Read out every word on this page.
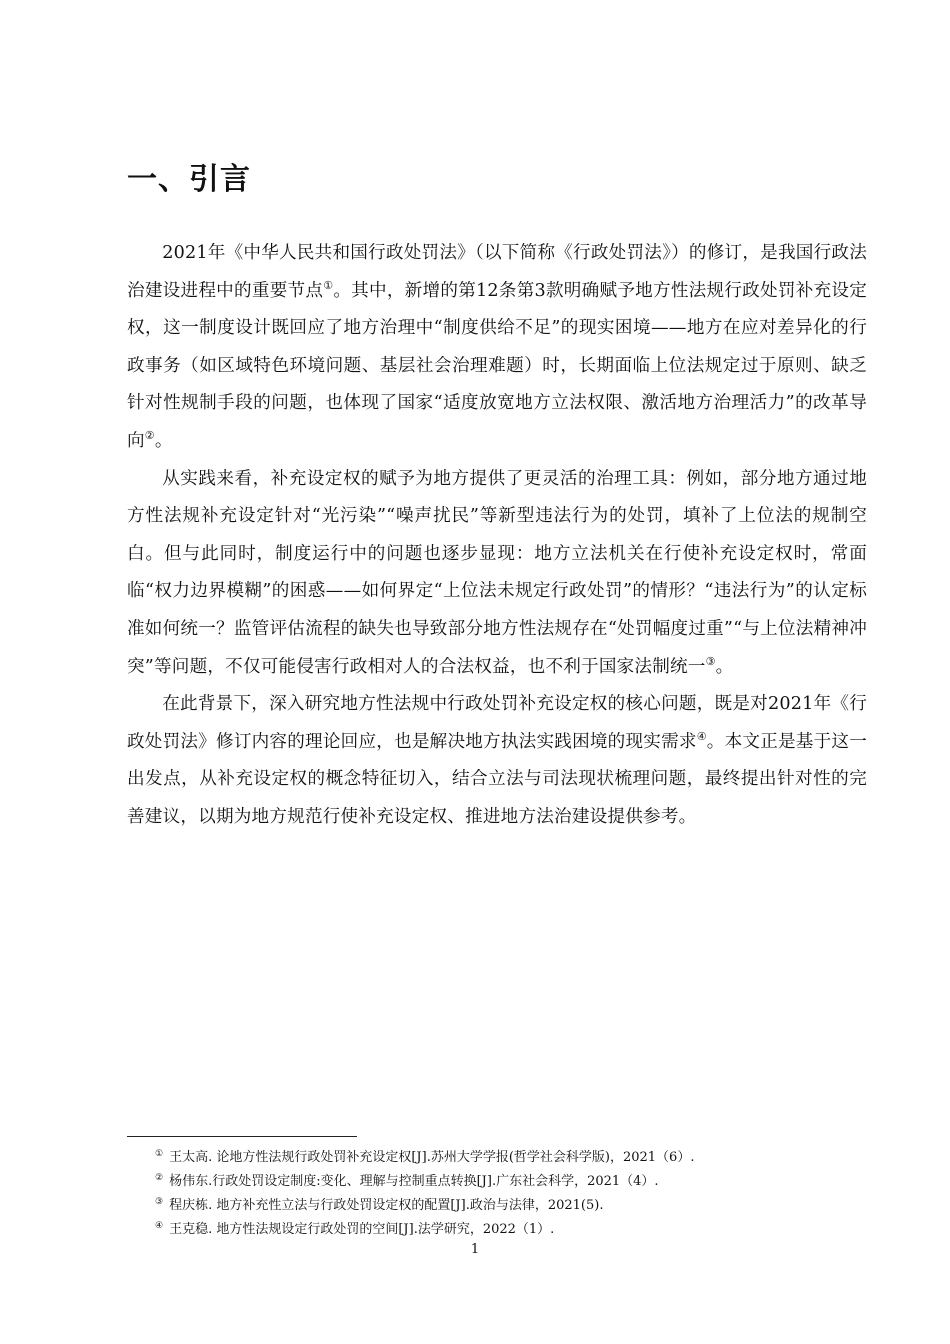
一、引言

2021年《中华人民共和国行政处罚法》（以下简称《行政处罚法》）的修订，是我国行政法治建设进程中的重要节点①。其中，新增的第12条第3款明确赋予地方性法规行政处罚补充设定权，这一制度设计既回应了地方治理中“制度供给不足”的现实困境——地方在应对差异化的行政事务（如区域特色环境问题、基层社会治理难题）时，长期面临上位法规定过于原则、缺乏针对性规制手段的问题，也体现了国家“适度放宽地方立法权限、激活地方治理活力”的改革导向②。

从实践来看，补充设定权的赋予为地方提供了更灵活的治理工具：例如，部分地方通过地方性法规补充设定针对“光污染”“噪声扰民”等新型违法行为的处罚，填补了上位法的规制空白。但与此同时，制度运行中的问题也逐步显现：地方立法机关在行使补充设定权时，常面临“权力边界模糊”的困惑——如何界定“上位法未规定行政处罚”的情形？“违法行为”的认定标准如何统一？监管评估流程的缺失也导致部分地方性法规存在“处罚幅度过重”“与上位法精神冲突”等问题，不仅可能侵害行政相对人的合法权益，也不利于国家法制统一③。

在此背景下，深入研究地方性法规中行政处罚补充设定权的核心问题，既是对2021年《行政处罚法》修订内容的理论回应，也是解决地方执法实践困境的现实需求④。本文正是基于这一出发点，从补充设定权的概念特征切入，结合立法与司法现状梳理问题，最终提出针对性的完善建议，以期为地方规范行使补充设定权、推进地方法治建设提供参考。

① 王太高. 论地方性法规行政处罚补充设定权[J].苏州大学学报(哲学社会科学版)，2021（6）.
② 杨伟东.行政处罚设定制度:变化、理解与控制重点转换[J].广东社会科学，2021（4）.
③ 程庆栋. 地方补充性立法与行政处罚设定权的配置[J].政治与法律，2021(5).
④ 王克稳. 地方性法规设定行政处罚的空间[J].法学研究，2022（1）.
1
